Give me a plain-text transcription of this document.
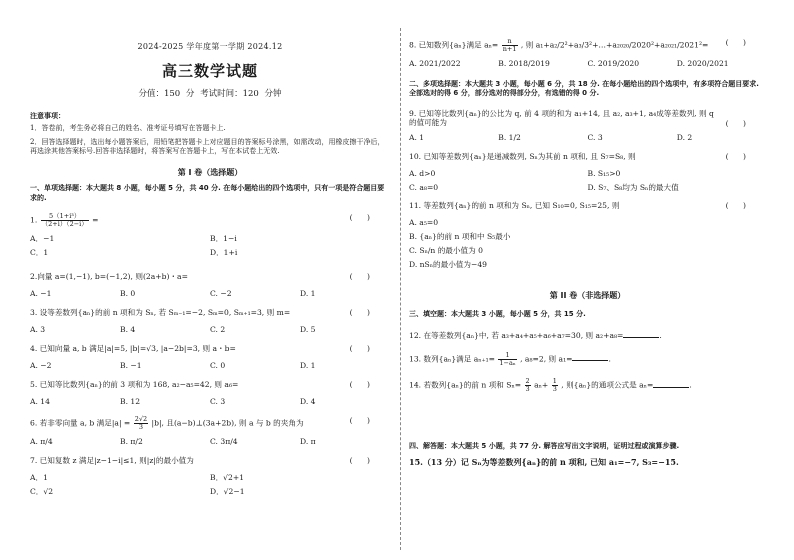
2024-2025 学年度第一学期 2024.12
高三数学试题
分值：150 分 考试时间：120 分钟
注意事项：
1．答卷前，考生务必将自己的姓名、准考证号填写在答题卡上.
2．回答选择题时，选出每小题答案后，用铅笔把答题卡上对应题目的答案标号涂黑，如需改动，用橡皮擦干净后，再选涂其他答案标号.回答非选择题时，将答案写在答题卡上，写在本试卷上无效.
第 I 卷（选择题）
一、单项选择题：本大题共 8 小题，每小题 5 分，共 40 分. 在每小题给出的四个选项中，只有一项是符合题目要求的.
1. $\frac{\text{5（1+i³）}}{(2+i)(2-i)}$ =	(      )
A．−1	B．1−i
C．1	D．1+i
2.向量 a=(1,−1), b=(−1,2), 则(2a+b)・a=	(      )
A. −1	B. 0	C. −2	D. 1
3. 设等差数列{aₙ}的前 n 项和为 Sₙ, 若 Sₘ₋₁=−2, Sₘ=0, Sₘ₊₁=3, 则 m=	(      )
A. 3	B. 4	C. 2	D. 5
4. 已知向量 a, b 满足|a|=5, |b|=√3, |a−2b|=3, 则 a・b=	(      )
A. −2	B. −1	C. 0	D. 1
5. 已知等比数列{aₙ}的前 3 项和为 168, a₂−a₅=42, 则 a₆=	(      )
A. 14	B. 12	C. 3	D. 4
6. 若非零向量 a, b 满足$|a| = \frac{2√2}{3} |b|$, 且(a−b)⊥(3a+2b), 则 a 与 b 的夹角为	(      )
A. π/4	B. π/2	C. 3π/4	D. π
7. 已知复数 z 满足|z−1−i|≤1, 则|z|的最小值为	(      )
A．1	B．√2+1
C．√2	D．√2−1
8. 已知数列{aₙ}满足 $a_n= \frac{n}{n+1}$ , 则 a₁+a₂/2²+a₃/3²+…+a₂₀₂₀/2020²+a₂₀₂₁/2021²=	(      )
A. 2021/2022	B. 2018/2019	C. 2019/2020	D. 2020/2021
二、多项选择题：本大题共 3 小题，每小题 6 分，共 18 分. 在每小题给出的四个选项中，有多项符合题目要求. 全部选对的得 6 分，部分选对的得部分分，有选错的得 0 分.
9. 已知等比数列{aₙ}的公比为 q, 前 4 项的和为 a₁+14, 且 a₂, a₃+1, a₄成等差数列, 则 q 的值可能为	(      )
A. 1	B. 1/2	C. 3	D. 2
10. 已知等差数列{aₙ}是递减数列, Sₙ为其前 n 项和, 且 S₇=S₈, 则	(      )
A. d>0	B. S₁₅>0
C. a₈=0	D. S₇、S₈均为 Sₙ的最大值
11. 等差数列{aₙ}的前 n 项和为 Sₙ, 已知 S₁₀=0, S₁₅=25, 则	(      )
A. a₅=0
B. {aₙ}的前 n 项和中 S₅最小
C. Sₙ/n 的最小值为 0
D. nSₙ的最小值为−49
第 II 卷（非选择题）
三、填空题：本大题共 3 小题，每小题 5 分，共 15 分.
12. 在等差数列{aₙ}中, 若 a₃+a₄+a₅+a₆+a₇=30, 则 a₂+a₈=	.
13. 数列{aₙ}满足 $a_{n+1}= \frac{1}{\text{1−aₙ}}$ , a₈=2, 则 a₁=	.
14. 若数列{aₙ}的前 n 项和 $S_n= \frac{2}{3} a_n+ \frac{1}{3}$ , 则{aₙ}的通项公式是 aₙ=	.
四、解答题：本大题共 5 小题，共 77 分. 解答应写出文字说明，证明过程或演算步骤.
15.（13 分）记 Sₙ为等差数列{aₙ}的前 n 项和, 已知 a₁=−7, S₃=−15.
